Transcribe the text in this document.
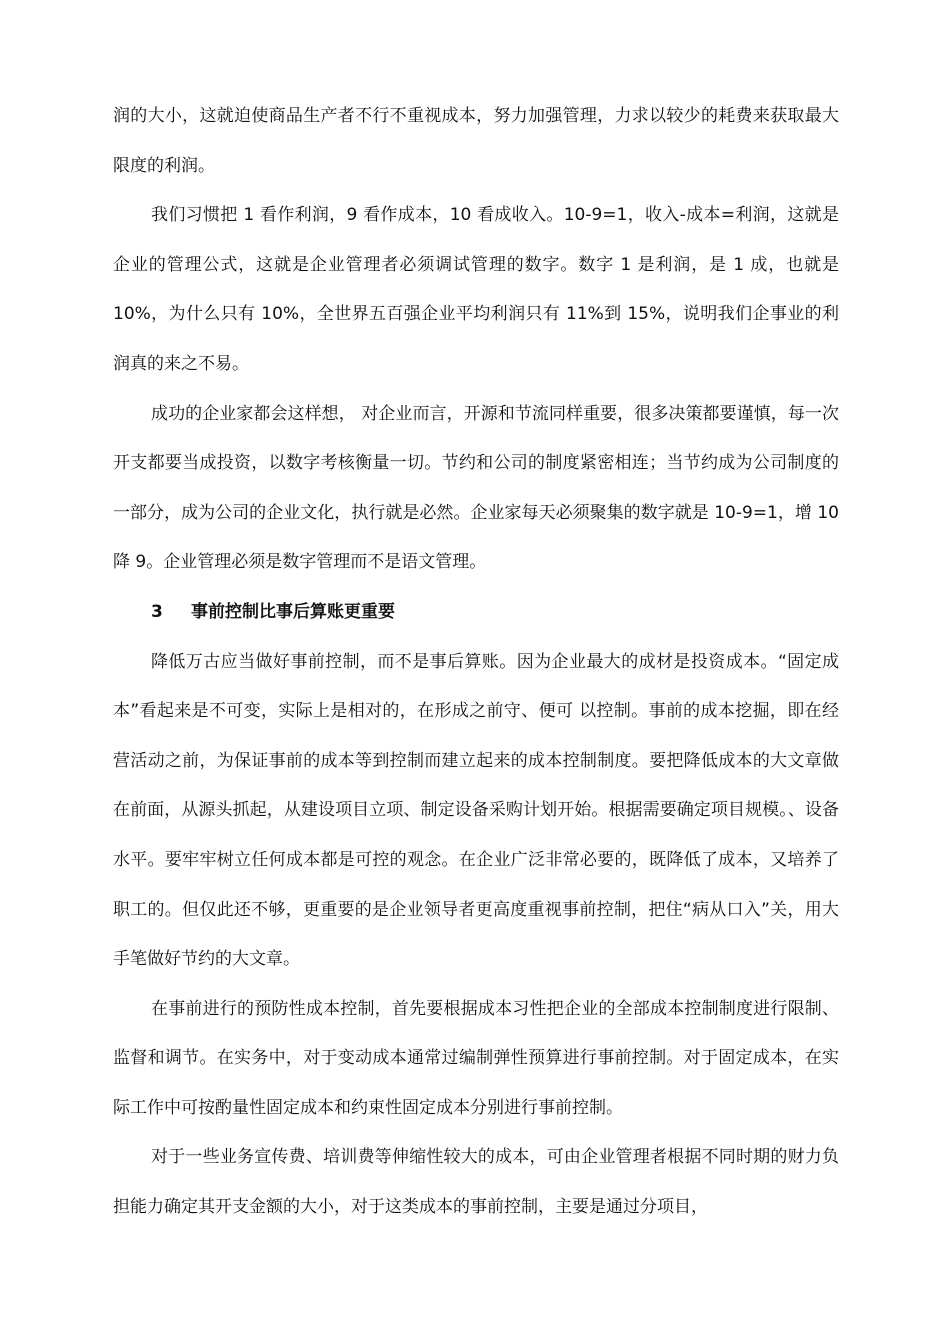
润的大小，这就迫使商品生产者不行不重视成本，努力加强管理，力求以较少的耗费来获取最大限度的利润。

我们习惯把 1 看作利润，9 看作成本，10 看成收入。10-9=1，收入-成本=利润，这就是企业的管理公式，这就是企业管理者必须调试管理的数字。数字 1 是利润，是 1 成，也就是 10%，为什么只有 10%，全世界五百强企业平均利润只有 11%到 15%，说明我们企事业的利润真的来之不易。

成功的企业家都会这样想， 对企业而言，开源和节流同样重要，很多决策都要谨慎，每一次开支都要当成投资，以数字考核衡量一切。节约和公司的制度紧密相连；当节约成为公司制度的一部分，成为公司的企业文化，执行就是必然。企业家每天必须聚集的数字就是 10-9=1，增 10 降 9。企业管理必须是数字管理而不是语文管理。

3 事前控制比事后算账更重要

降低万古应当做好事前控制，而不是事后算账。因为企业最大的成材是投资成本。“固定成本”看起来是不可变，实际上是相对的，在形成之前守、便可 以控制。事前的成本挖掘，即在经营活动之前，为保证事前的成本等到控制而建立起来的成本控制制度。要把降低成本的大文章做在前面，从源头抓起，从建设项目立项、制定设备采购计划开始。根据需要确定项目规模。、设备水平。要牢牢树立任何成本都是可控的观念。在企业广泛非常必要的，既降低了成本，又培养了职工的。但仅此还不够，更重要的是企业领导者更高度重视事前控制，把住“病从口入”关，用大手笔做好节约的大文章。

在事前进行的预防性成本控制，首先要根据成本习性把企业的全部成本控制制度进行限制、监督和调节。在实务中，对于变动成本通常过编制弹性预算进行事前控制。对于固定成本，在实际工作中可按酌量性固定成本和约束性固定成本分别进行事前控制。

对于一些业务宣传费、培训费等伸缩性较大的成本，可由企业管理者根据不同时期的财力负担能力确定其开支金额的大小，对于这类成本的事前控制，主要是通过分项目，
